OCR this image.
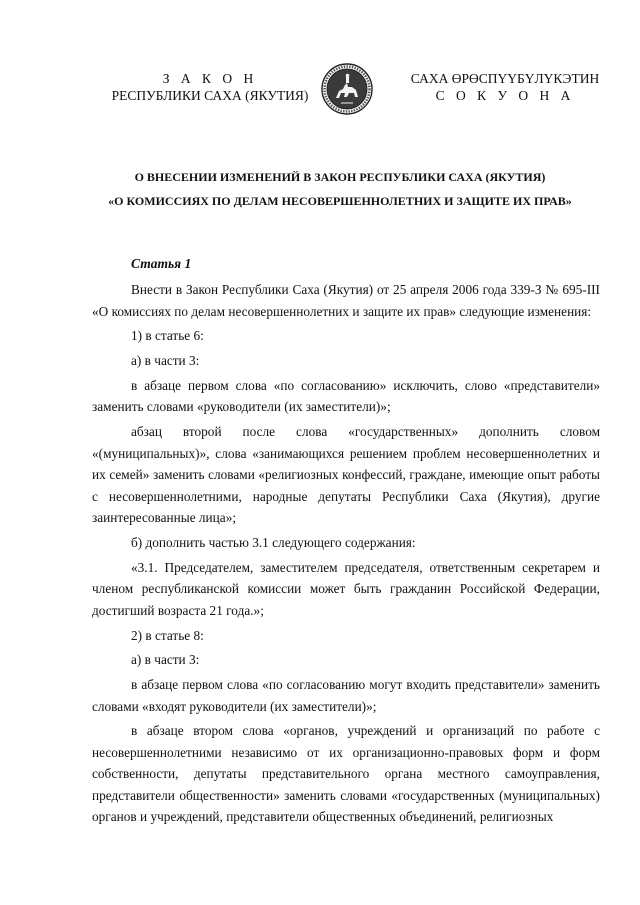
З А К О Н
РЕСПУБЛИКИ САХА (ЯКУТИЯ)
САХА ӨРӨСПҮҮБҮЛҮКЭТИН
С О К У О Н А
О ВНЕСЕНИИ ИЗМЕНЕНИЙ В ЗАКОН РЕСПУБЛИКИ САХА (ЯКУТИЯ)
«О КОМИССИЯХ ПО ДЕЛАМ НЕСОВЕРШЕННОЛЕТНИХ И ЗАЩИТЕ ИХ ПРАВ»
Статья 1

Внести в Закон Республики Саха (Якутия) от 25 апреля 2006 года 339-З № 695-III «О комиссиях по делам несовершеннолетних и защите их прав» следующие изменения:

1) в статье 6:

а) в части 3:

в абзаце первом слова «по согласованию» исключить, слово «представители» заменить словами «руководители (их заместители)»;

абзац второй после слова «государственных» дополнить словом «(муниципальных)», слова «занимающихся решением проблем несовершеннолетних и их семей» заменить словами «религиозных конфессий, граждане, имеющие опыт работы с несовершеннолетними, народные депутаты Республики Саха (Якутия), другие заинтересованные лица»;

б) дополнить частью 3.1 следующего содержания:

«3.1. Председателем, заместителем председателя, ответственным секретарем и членом республиканской комиссии может быть гражданин Российской Федерации, достигший возраста 21 года.»;

2) в статье 8:

а) в части 3:

в абзаце первом слова «по согласованию могут входить представители» заменить словами «входят руководители (их заместители)»;

в абзаце втором слова «органов, учреждений и организаций по работе с несовершеннолетними независимо от их организационно-правовых форм и форм собственности, депутаты представительного органа местного самоуправления, представители общественности» заменить словами «государственных (муниципальных) органов и учреждений, представители общественных объединений, религиозных
